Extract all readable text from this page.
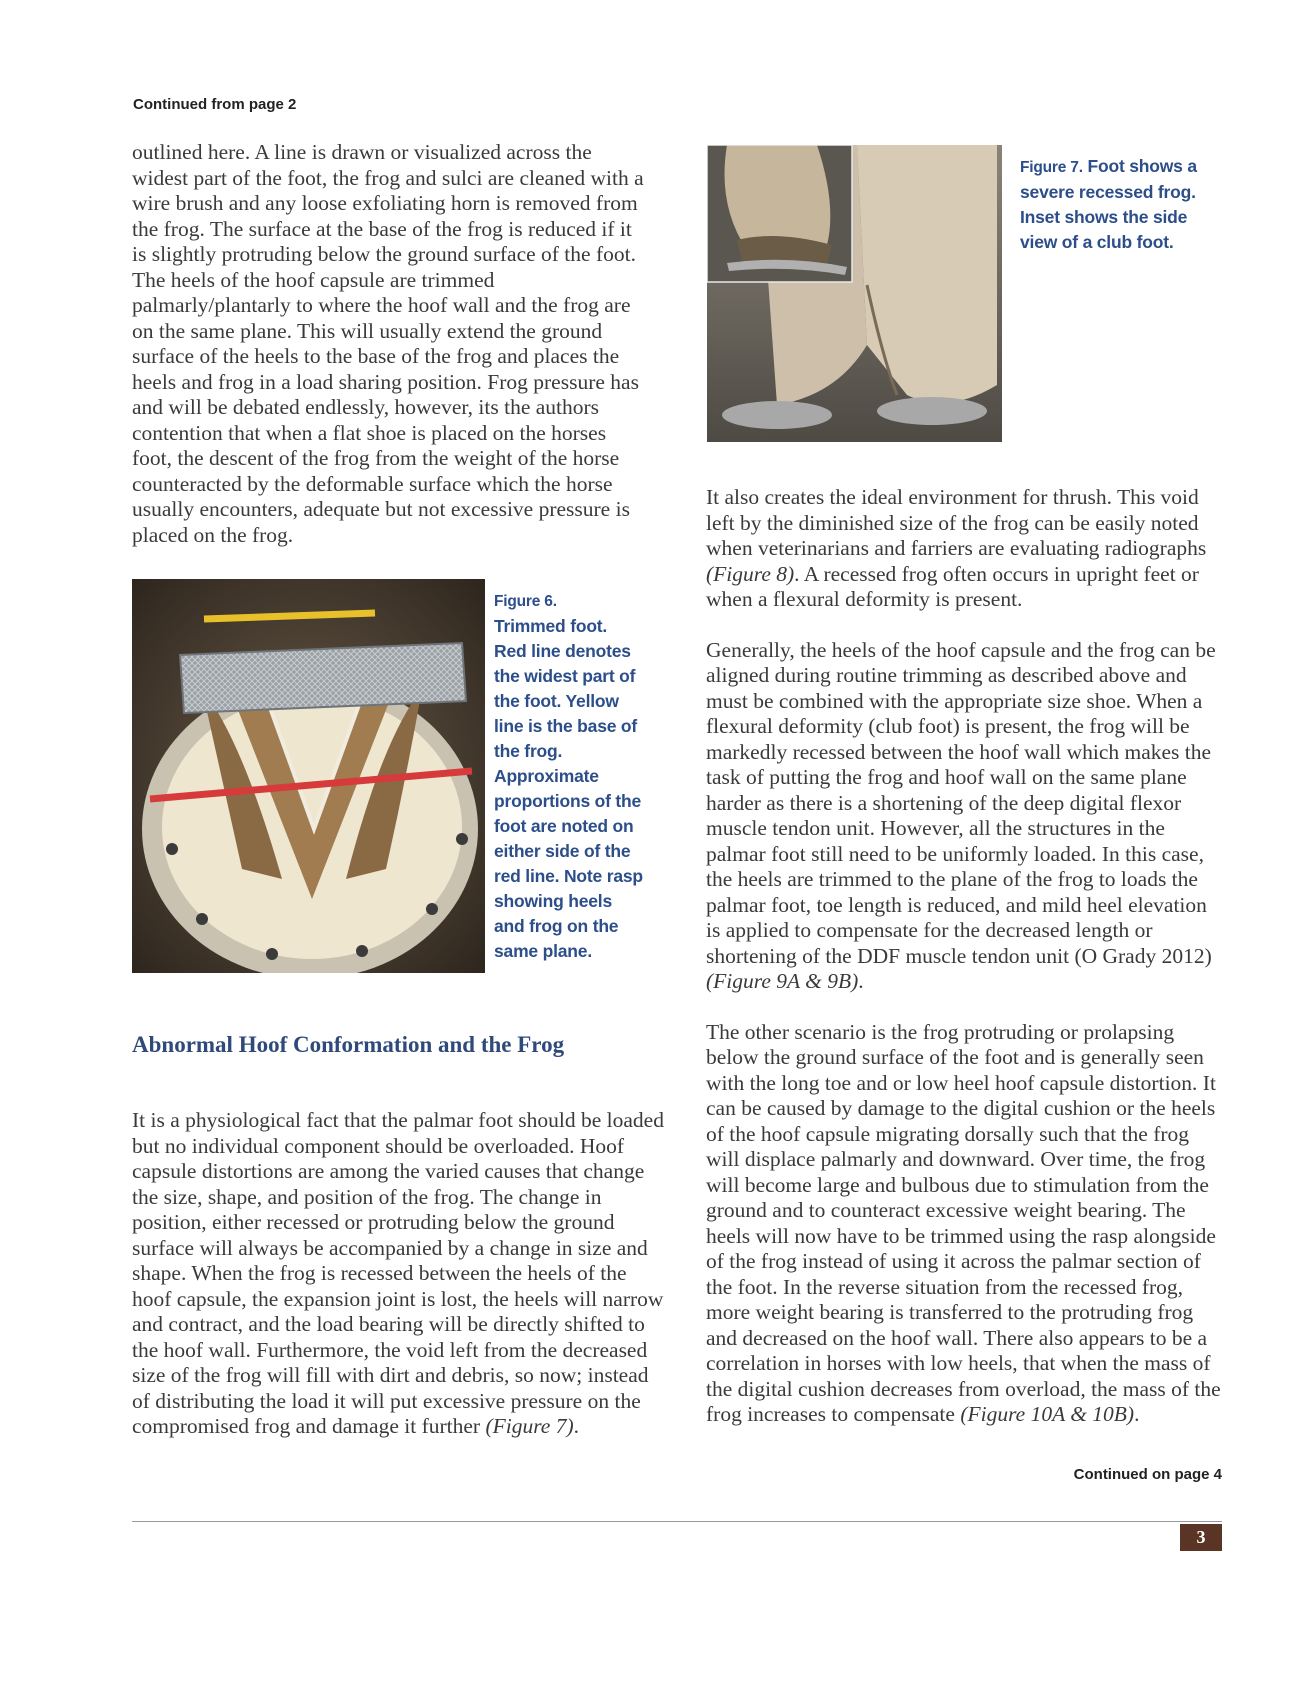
Continued from page 2

outlined here. A line is drawn or visualized across the widest part of the foot, the frog and sulci are cleaned with a wire brush and any loose exfoliating horn is removed from the frog. The surface at the base of the frog is reduced if it is slightly protruding below the ground surface of the foot. The heels of the hoof capsule are trimmed palmarly/plantarly to where the hoof wall and the frog are on the same plane. This will usually extend the ground surface of the heels to the base of the frog and places the heels and frog in a load sharing position. Frog pressure has and will be debated endlessly, however, its the authors contention that when a flat shoe is placed on the horses foot, the descent of the frog from the weight of the horse counteracted by the deformable surface which the horse usually encounters, adequate but not excessive pressure is placed on the frog.

Figure 6.
Trimmed foot. Red line denotes the widest part of the foot. Yellow line is the base of the frog. Approximate proportions of the foot are noted on either side of the red line. Note rasp showing heels and frog on the same plane.
Abnormal Hoof Conformation and the Frog

It is a physiological fact that the palmar foot should be loaded but no individual component should be overloaded. Hoof capsule distortions are among the varied causes that change the size, shape, and position of the frog. The change in position, either recessed or protruding below the ground surface will always be accompanied by a change in size and shape. When the frog is recessed between the heels of the hoof capsule, the expansion joint is lost, the heels will narrow and contract, and the load bearing will be directly shifted to the hoof wall. Furthermore, the void left from the decreased size of the frog will fill with dirt and debris, so now; instead of distributing the load it will put excessive pressure on the compromised frog and damage it further (Figure 7).

Figure 7. Foot shows a severe recessed frog. Inset shows the side view of a club foot.

It also creates the ideal environment for thrush. This void left by the diminished size of the frog can be easily noted when veterinarians and farriers are evaluating radiographs (Figure 8). A recessed frog often occurs in upright feet or when a flexural deformity is present.

Generally, the heels of the hoof capsule and the frog can be aligned during routine trimming as described above and must be combined with the appropriate size shoe. When a flexural deformity (club foot) is present, the frog will be markedly recessed between the hoof wall which makes the task of putting the frog and hoof wall on the same plane harder as there is a shortening of the deep digital flexor muscle tendon unit. However, all the structures in the palmar foot still need to be uniformly loaded. In this case, the heels are trimmed to the plane of the frog to loads the palmar foot, toe length is reduced, and mild heel elevation is applied to compensate for the decreased length or shortening of the DDF muscle tendon unit (O Grady 2012) (Figure 9A & 9B).

The other scenario is the frog protruding or prolapsing below the ground surface of the foot and is generally seen with the long toe and or low heel hoof capsule distortion. It can be caused by damage to the digital cushion or the heels of the hoof capsule migrating dorsally such that the frog will displace palmarly and downward. Over time, the frog will become large and bulbous due to stimulation from the ground and to counteract excessive weight bearing. The heels will now have to be trimmed using the rasp alongside of the frog instead of using it across the palmar section of the foot. In the reverse situation from the recessed frog, more weight bearing is transferred to the protruding frog and decreased on the hoof wall. There also appears to be a correlation in horses with low heels, that when the mass of the digital cushion decreases from overload, the mass of the frog increases to compensate (Figure 10A & 10B).

Continued on page 4
3
